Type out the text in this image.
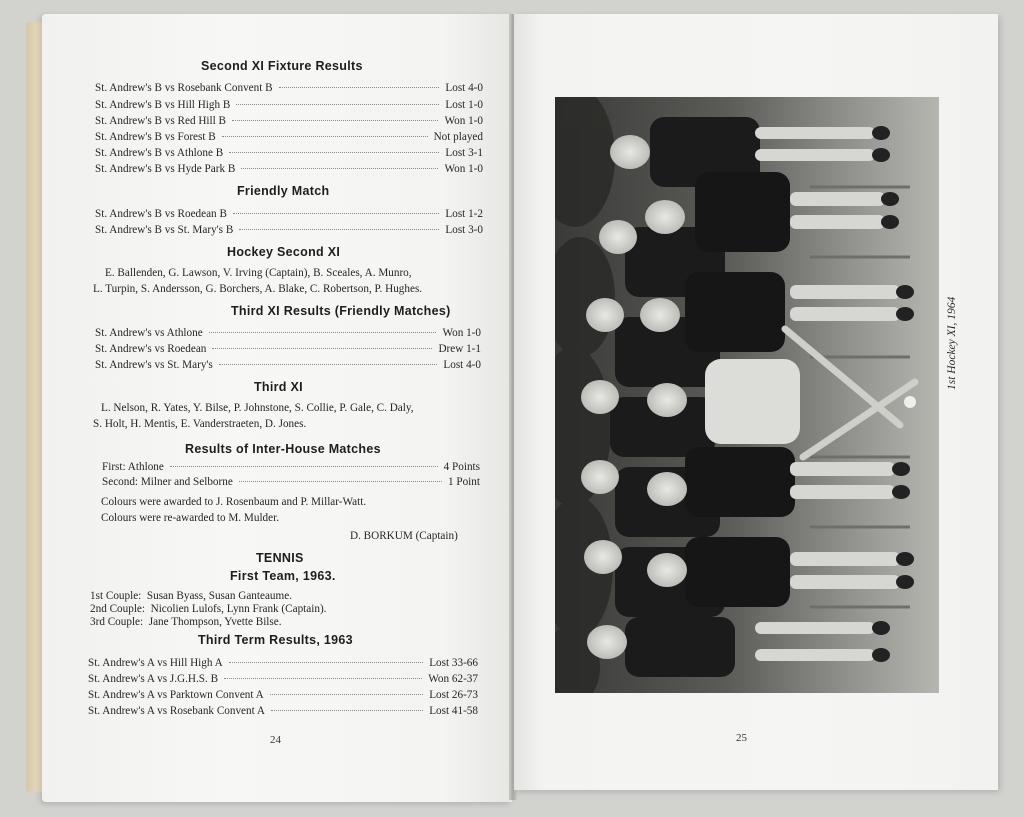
Second XI Fixture Results
St. Andrew's B vs Rosebank Convent B	Lost 4-0
St. Andrew's B vs Hill High B	Lost 1-0
St. Andrew's B vs Red Hill B	Won 1-0
St. Andrew's B vs Forest B	Not played
St. Andrew's B vs Athlone B	Lost 3-1
St. Andrew's B vs Hyde Park B	Won 1-0
Friendly Match
St. Andrew's B vs Roedean B	Lost 1-2
St. Andrew's B vs St. Mary's B	Lost 3-0
Hockey Second XI
E. Ballenden, G. Lawson, V. Irving (Captain), B. Sceales, A. Munro,
L. Turpin, S. Andersson, G. Borchers, A. Blake, C. Robertson, P. Hughes.
Third XI Results (Friendly Matches)
St. Andrew's vs Athlone	Won 1-0
St. Andrew's vs Roedean	Drew 1-1
St. Andrew's vs St. Mary's	Lost 4-0
Third XI
L. Nelson, R. Yates, Y. Bilse, P. Johnstone, S. Collie, P. Gale, C. Daly,
S. Holt, H. Mentis, E. Vanderstraeten, D. Jones.
Results of Inter-House Matches
First: Athlone	4 Points
Second: Milner and Selborne	1 Point
Colours were awarded to J. Rosenbaum and P. Millar-Watt.
Colours were re-awarded to M. Mulder.
D. BORKUM (Captain)
TENNIS
First Team, 1963.
1st Couple: Susan Byass, Susan Ganteaume.
2nd Couple: Nicolien Lulofs, Lynn Frank (Captain).
3rd Couple: Jane Thompson, Yvette Bilse.
Third Term Results, 1963
St. Andrew's A vs Hill High A	Lost 33-66
St. Andrew's A vs J.G.H.S. B	Won 62-37
St. Andrew's A vs Parktown Convent A	Lost 26-73
St. Andrew's A vs Rosebank Convent A	Lost 41-58
24	25
1st Hockey XI, 1964
